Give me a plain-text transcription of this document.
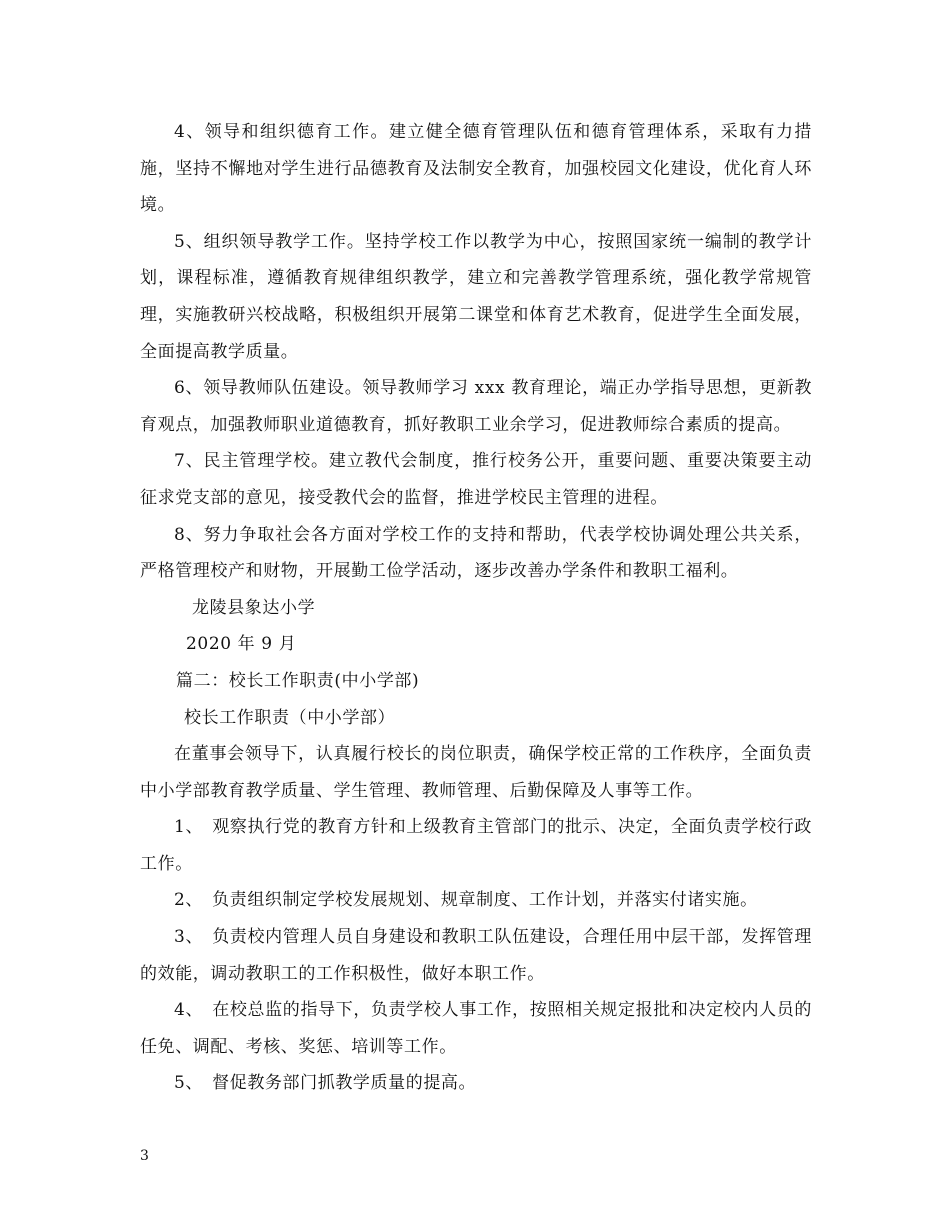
4、领导和组织德育工作。建立健全德育管理队伍和德育管理体系，采取有力措施，坚持不懈地对学生进行品德教育及法制安全教育，加强校园文化建设，优化育人环境。

5、组织领导教学工作。坚持学校工作以教学为中心，按照国家统一编制的教学计划，课程标准，遵循教育规律组织教学，建立和完善教学管理系统，强化教学常规管理，实施教研兴校战略，积极组织开展第二课堂和体育艺术教育，促进学生全面发展，全面提高教学质量。

6、领导教师队伍建设。领导教师学习 xxx 教育理论，端正办学指导思想，更新教育观点，加强教师职业道德教育，抓好教职工业余学习，促进教师综合素质的提高。

7、民主管理学校。建立教代会制度，推行校务公开，重要问题、重要决策要主动征求党支部的意见，接受教代会的监督，推进学校民主管理的进程。

8、努力争取社会各方面对学校工作的支持和帮助，代表学校协调处理公共关系，严格管理校产和财物，开展勤工俭学活动，逐步改善办学条件和教职工福利。

龙陵县象达小学

2020 年 9 月

篇二：校长工作职责(中小学部)

校长工作职责（中小学部）

在董事会领导下，认真履行校长的岗位职责，确保学校正常的工作秩序，全面负责中小学部教育教学质量、学生管理、教师管理、后勤保障及人事等工作。

1、　观察执行党的教育方针和上级教育主管部门的批示、决定，全面负责学校行政工作。

2、　负责组织制定学校发展规划、规章制度、工作计划，并落实付诸实施。

3、　负责校内管理人员自身建设和教职工队伍建设，合理任用中层干部，发挥管理的效能，调动教职工的工作积极性，做好本职工作。

4、　在校总监的指导下，负责学校人事工作，按照相关规定报批和决定校内人员的任免、调配、考核、奖惩、培训等工作。

5、　督促教务部门抓教学质量的提高。

3
